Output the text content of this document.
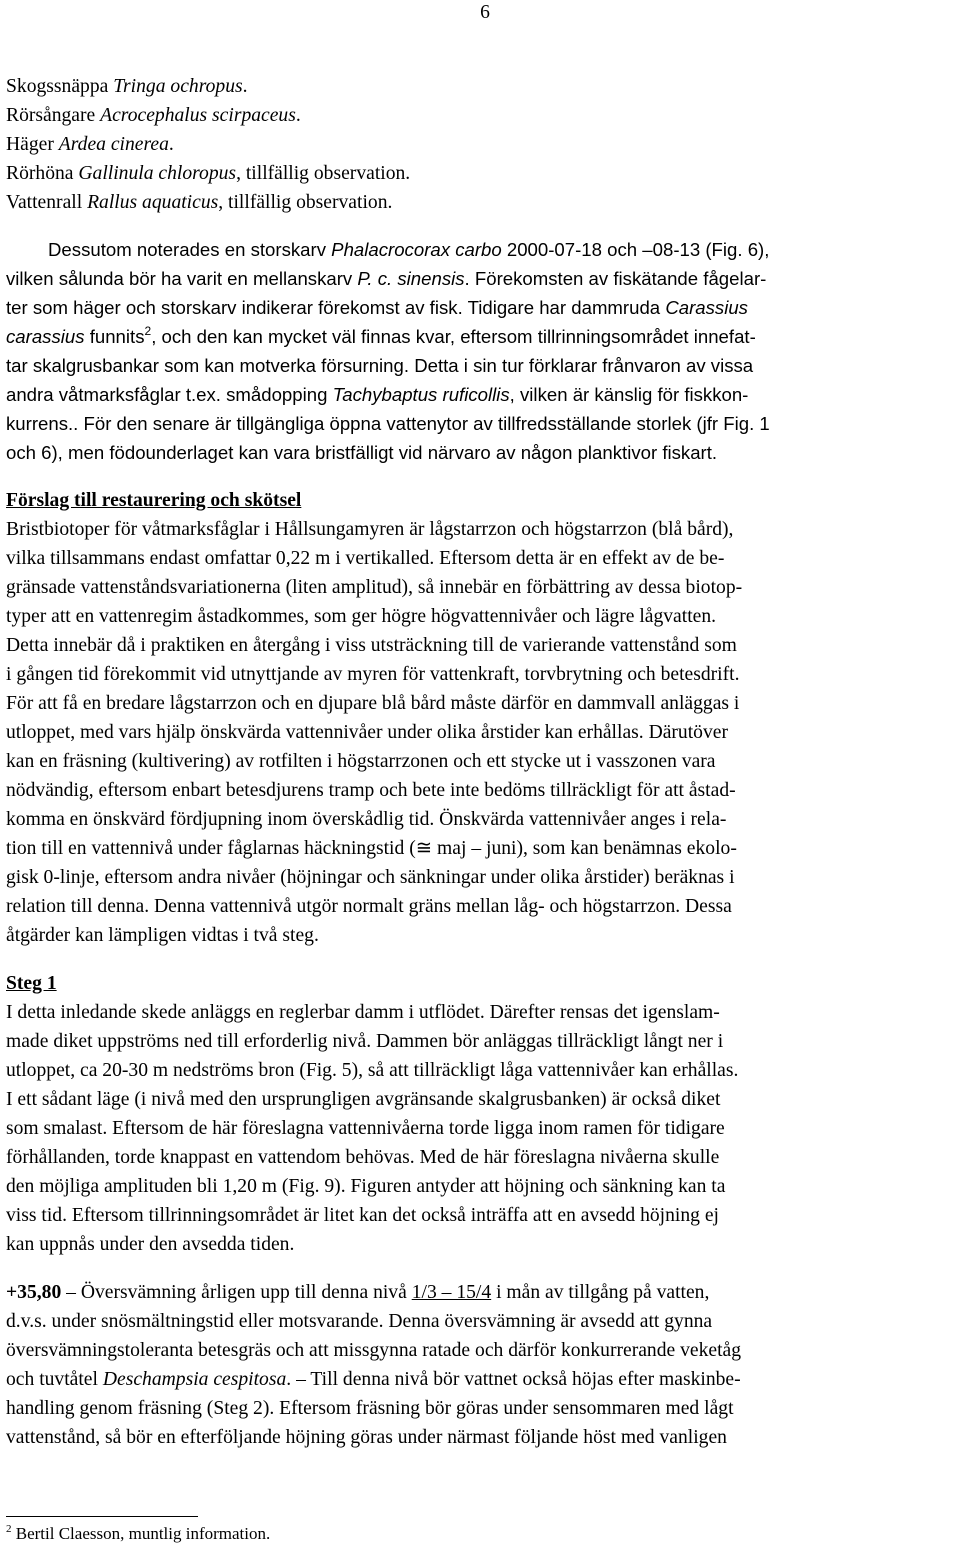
6
Skogssnäppa Tringa ochropus.
Rörsångare Acrocephalus scirpaceus.
Häger Ardea cinerea.
Rörhöna Gallinula chloropus, tillfällig observation.
Vattenrall Rallus aquaticus, tillfällig observation.
Dessutom noterades en storskarv Phalacrocorax carbo 2000-07-18 och –08-13 (Fig. 6),
vilken sålunda bör ha varit en mellanskarv P. c. sinensis. Förekomsten av fiskätande fågelar-
ter som häger och storskarv indikerar förekomst av fisk. Tidigare har dammruda Carassius
carassius funnits$^2$, och den kan mycket väl finnas kvar, eftersom tillrinningsområdet innefat-
tar skalgrusbankar som kan motverka försurning. Detta i sin tur förklarar frånvaron av vissa
andra våtmarksfåglar t.ex. smådopping Tachybaptus ruficollis, vilken är känslig för fiskkon-
kurrens.. För den senare är tillgängliga öppna vattenytor av tillfredsställande storlek (jfr Fig. 1
och 6), men födounderlaget kan vara bristfälligt vid närvaro av någon planktivor fiskart.
Förslag till restaurering och skötsel
Bristbiotoper för våtmarksfåglar i Hållsungamyren är lågstarrzon och högstarrzon (blå bård),
vilka tillsammans endast omfattar 0,22 m i vertikalled. Eftersom detta är en effekt av de be-
gränsade vattenståndsvariationerna (liten amplitud), så innebär en förbättring av dessa biotop-
typer att en vattenregim åstadkommes, som ger högre högvattennivåer och lägre lågvatten.
Detta innebär då i praktiken en återgång i viss utsträckning till de varierande vattenstånd som
i gången tid förekommit vid utnyttjande av myren för vattenkraft, torvbrytning och betesdrift.
För att få en bredare lågstarrzon och en djupare blå bård måste därför en dammvall anläggas i
utloppet, med vars hjälp önskvärda vattennivåer under olika årstider kan erhållas. Därutöver
kan en fräsning (kultivering) av rotfilten i högstarrzonen och ett stycke ut i vasszonen vara
nödvändig, eftersom enbart betesdjurens tramp och bete inte bedöms tillräckligt för att åstad-
komma en önskvärd fördjupning inom överskådlig tid. Önskvärda vattennivåer anges i rela-
tion till en vattennivå under fåglarnas häckningstid (≅ maj – juni), som kan benämnas ekolo-
gisk 0-linje, eftersom andra nivåer (höjningar och sänkningar under olika årstider) beräknas i
relation till denna. Denna vattennivå utgör normalt gräns mellan låg- och högstarrzon. Dessa
åtgärder kan lämpligen vidtas i två steg.
Steg 1
I detta inledande skede anläggs en reglerbar damm i utflödet. Därefter rensas det igenslam-
made diket uppströms ned till erforderlig nivå. Dammen bör anläggas tillräckligt långt ner i
utloppet, ca 20-30 m nedströms bron (Fig. 5), så att tillräckligt låga vattennivåer kan erhållas.
I ett sådant läge (i nivå med den ursprungligen avgränsande skalgrusbanken) är också diket
som smalast. Eftersom de här föreslagna vattennivåerna torde ligga inom ramen för tidigare
förhållanden, torde knappast en vattendom behövas. Med de här föreslagna nivåerna skulle
den möjliga amplituden bli 1,20 m (Fig. 9). Figuren antyder att höjning och sänkning kan ta
viss tid. Eftersom tillrinningsområdet är litet kan det också inträffa att en avsedd höjning ej
kan uppnås under den avsedda tiden.
+35,80 – Översvämning årligen upp till denna nivå 1/3 – 15/4 i mån av tillgång på vatten,
d.v.s. under snösmältningstid eller motsvarande. Denna översvämning är avsedd att gynna
översvämningstoleranta betesgräs och att missgynna ratade och därför konkurrerande veketåg
och tuvtåtel Deschampsia cespitosa. – Till denna nivå bör vattnet också höjas efter maskinbe-
handling genom fräsning (Steg 2). Eftersom fräsning bör göras under sensommaren med lågt
vattenstånd, så bör en efterföljande höjning göras under närmast följande höst med vanligen
$^2$ Bertil Claesson, muntlig information.
